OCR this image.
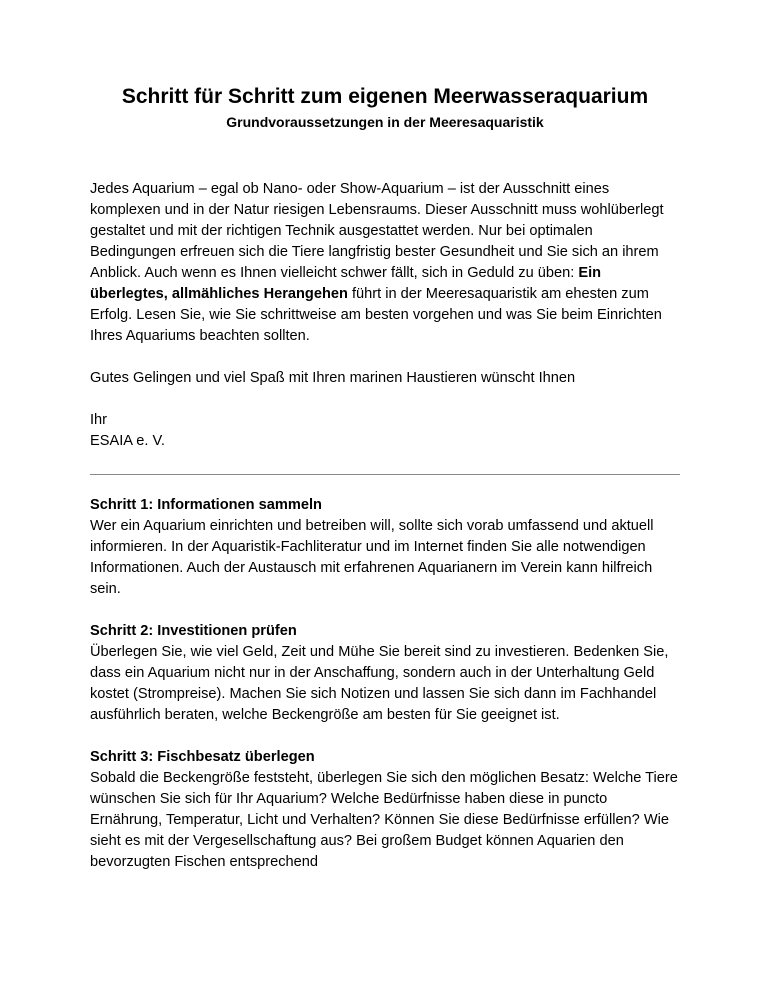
Schritt für Schritt zum eigenen Meerwasseraquarium
Grundvoraussetzungen in der Meeresaquaristik

Jedes Aquarium – egal ob Nano- oder Show-Aquarium – ist der Ausschnitt eines komplexen und in der Natur riesigen Lebensraums. Dieser Ausschnitt muss wohlüberlegt gestaltet und mit der richtigen Technik ausgestattet werden. Nur bei optimalen Bedingungen erfreuen sich die Tiere langfristig bester Gesundheit und Sie sich an ihrem Anblick. Auch wenn es Ihnen vielleicht schwer fällt, sich in Geduld zu üben: Ein überlegtes, allmähliches Herangehen führt in der Meeresaquaristik am ehesten zum Erfolg. Lesen Sie, wie Sie schrittweise am besten vorgehen und was Sie beim Einrichten Ihres Aquariums beachten sollten.

Gutes Gelingen und viel Spaß mit Ihren marinen Haustieren wünscht Ihnen

Ihr
ESAIA e. V.

Schritt 1: Informationen sammeln
Wer ein Aquarium einrichten und betreiben will, sollte sich vorab umfassend und aktuell informieren. In der Aquaristik-Fachliteratur und im Internet finden Sie alle notwendigen Informationen. Auch der Austausch mit erfahrenen Aquarianern im Verein kann hilfreich sein.

Schritt 2: Investitionen prüfen
Überlegen Sie, wie viel Geld, Zeit und Mühe Sie bereit sind zu investieren. Bedenken Sie, dass ein Aquarium nicht nur in der Anschaffung, sondern auch in der Unterhaltung Geld kostet (Strompreise). Machen Sie sich Notizen und lassen Sie sich dann im Fachhandel ausführlich beraten, welche Beckengröße am besten für Sie geeignet ist.

Schritt 3: Fischbesatz überlegen
Sobald die Beckengröße feststeht, überlegen Sie sich den möglichen Besatz: Welche Tiere wünschen Sie sich für Ihr Aquarium? Welche Bedürfnisse haben diese in puncto Ernährung, Temperatur, Licht und Verhalten? Können Sie diese Bedürfnisse erfüllen? Wie sieht es mit der Vergesellschaftung aus? Bei großem Budget können Aquarien den bevorzugten Fischen entsprechend
